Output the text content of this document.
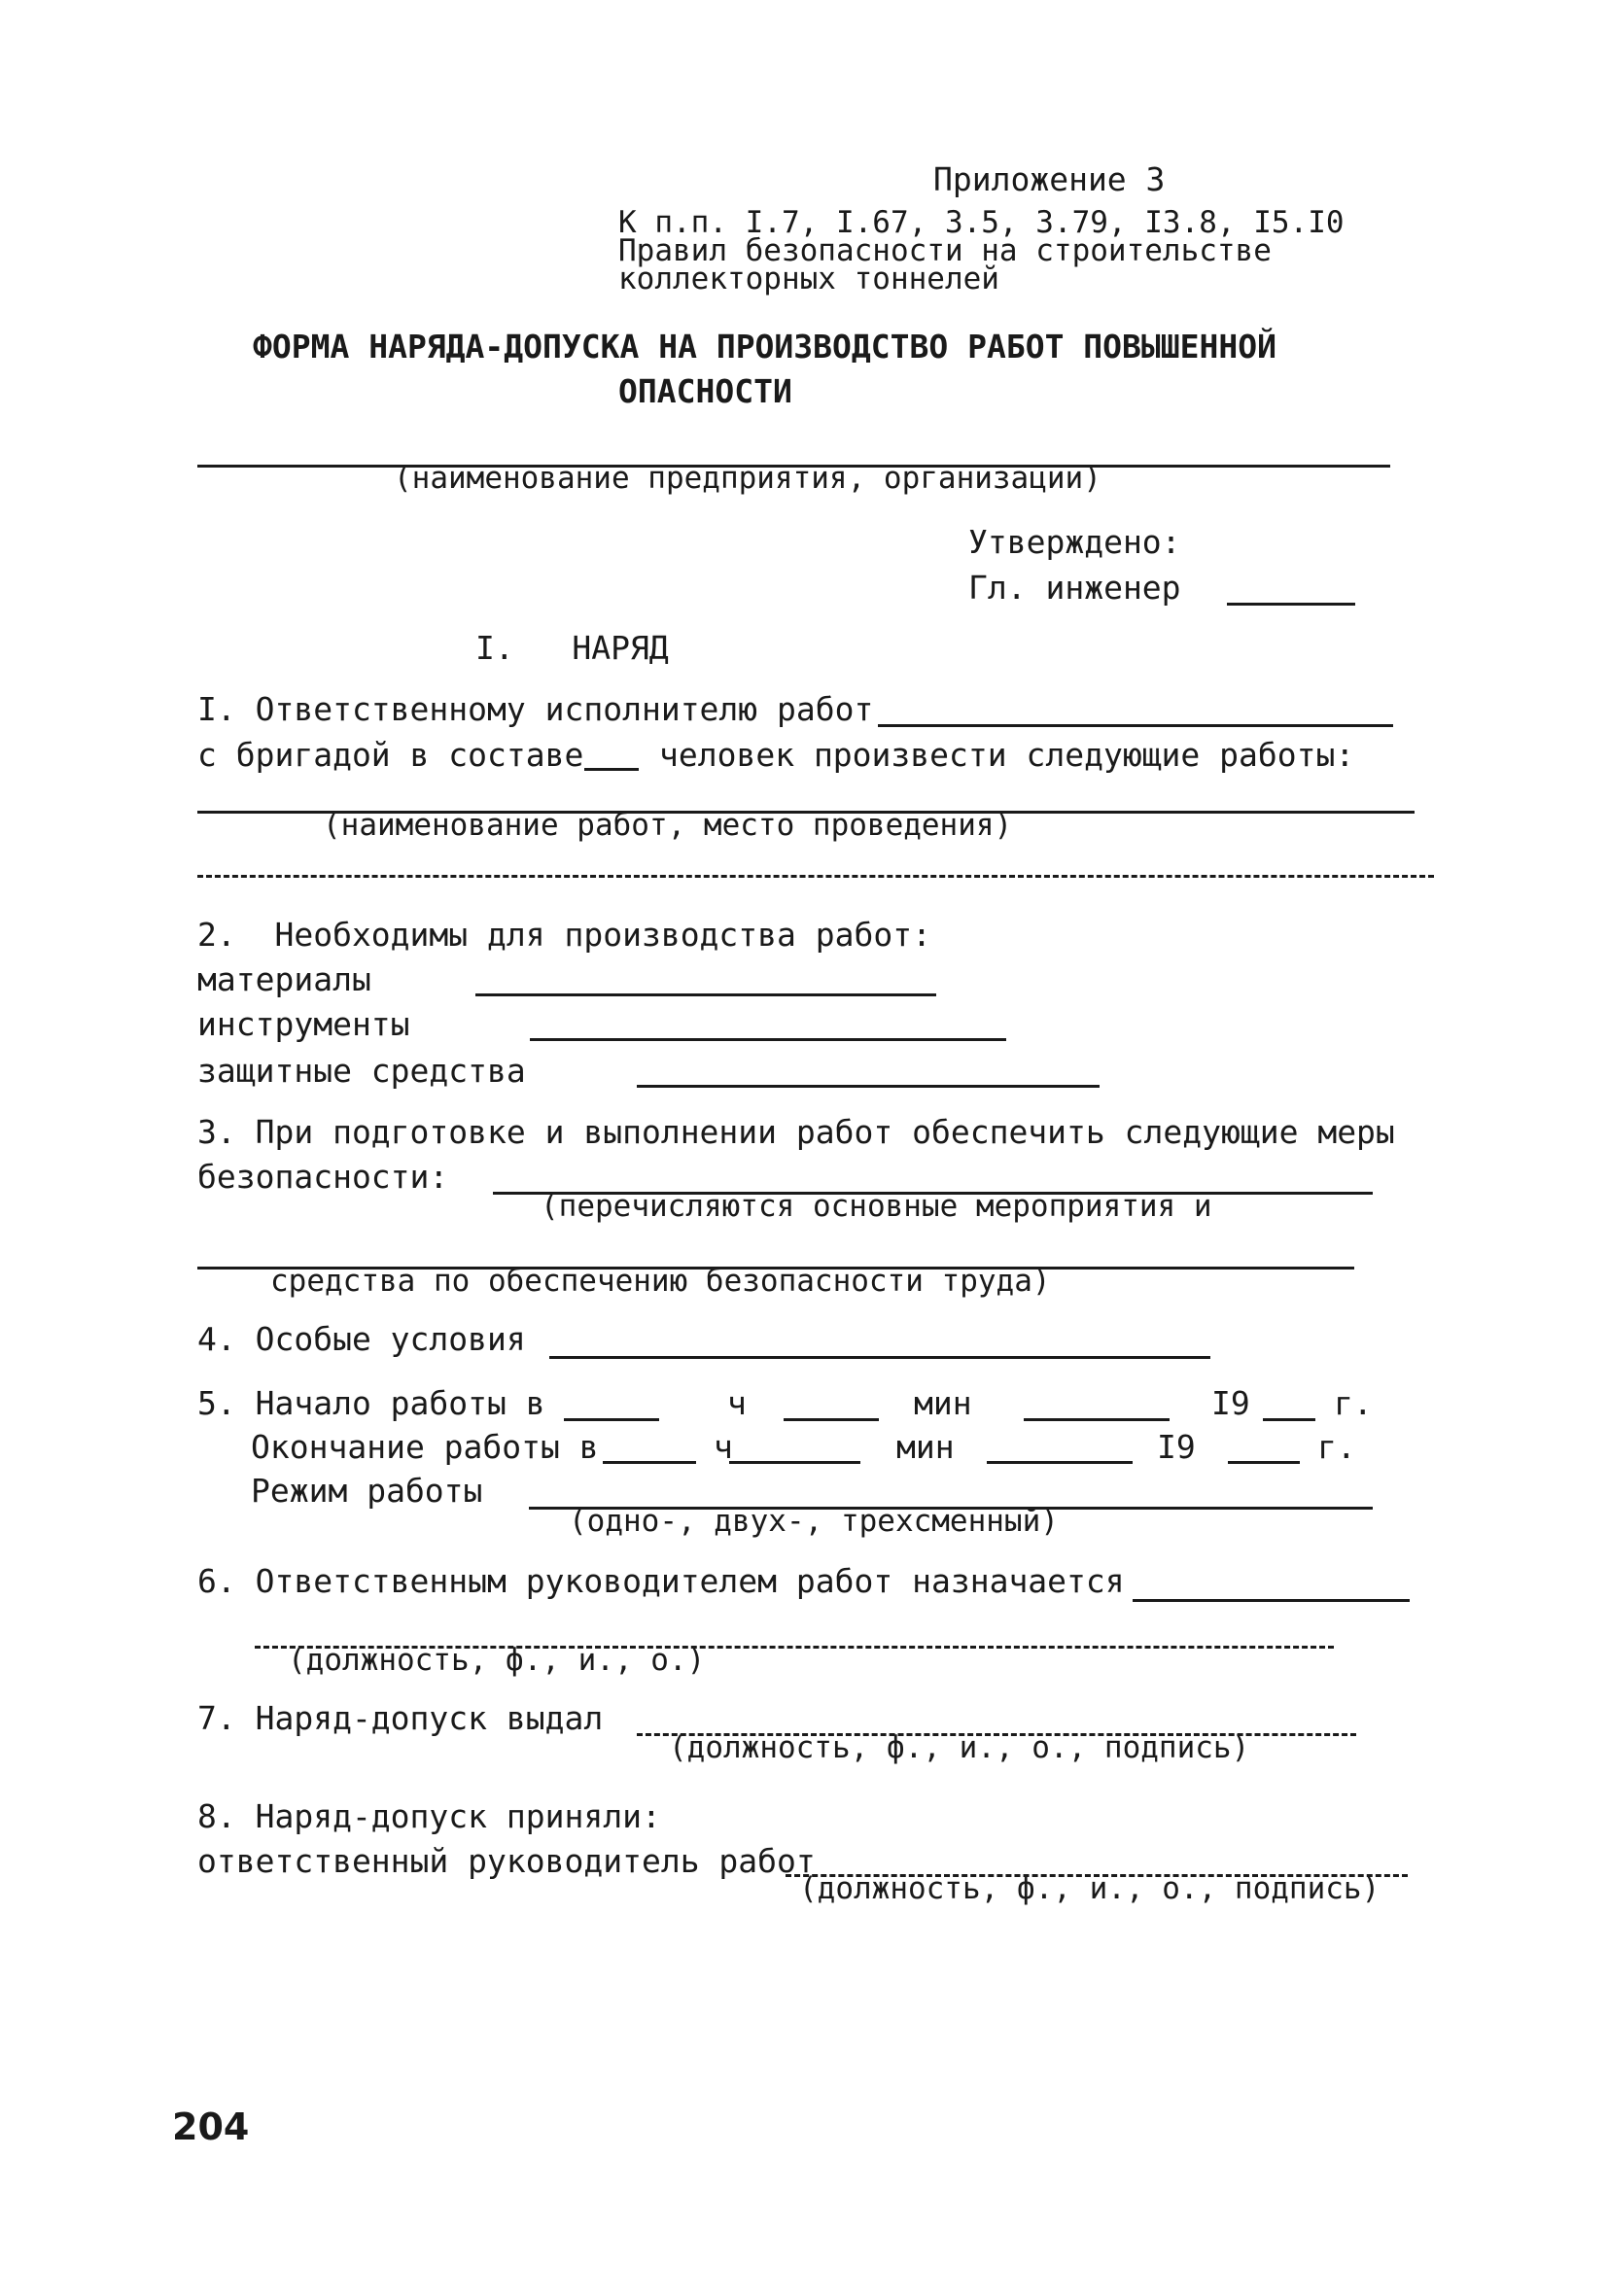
Приложение 3
К п.п. I.7, I.67, 3.5, 3.79, I3.8, I5.I0
Правил безопасности на строительстве
коллекторных тоннелей
ФОРМА НАРЯДА-ДОПУСКА НА ПРОИЗВОДСТВО РАБОТ ПОВЫШЕННОЙ
ОПАСНОСТИ
(наименование предприятия, организации)
Утверждено:
Гл. инженер
I.   НАРЯД
I. Ответственному исполнителю работ
с бригадой в составе человек произвести следующие работы:
(наименование работ, место проведения)
2.  Необходимы для производства работ:
материалы
инструменты
защитные средства
3. При подготовке и выполнении работ обеспечить следующие меры
безопасности:
(перечисляются основные мероприятия и
средства по обеспечению безопасности труда)
4. Особые условия
5. Начало работы в	ч	мин	I9	г.
Окончание работы в	ч	мин	I9	г.
Режим работы
(одно-, двух-, трехсменный)
6. Ответственным руководителем работ назначается
(должность, ф., и., о.)
7. Наряд-допуск выдал
(должность, ф., и., о., подпись)
8. Наряд-допуск приняли:
ответственный руководитель работ
(должность, ф., и., о., подпись)
204
